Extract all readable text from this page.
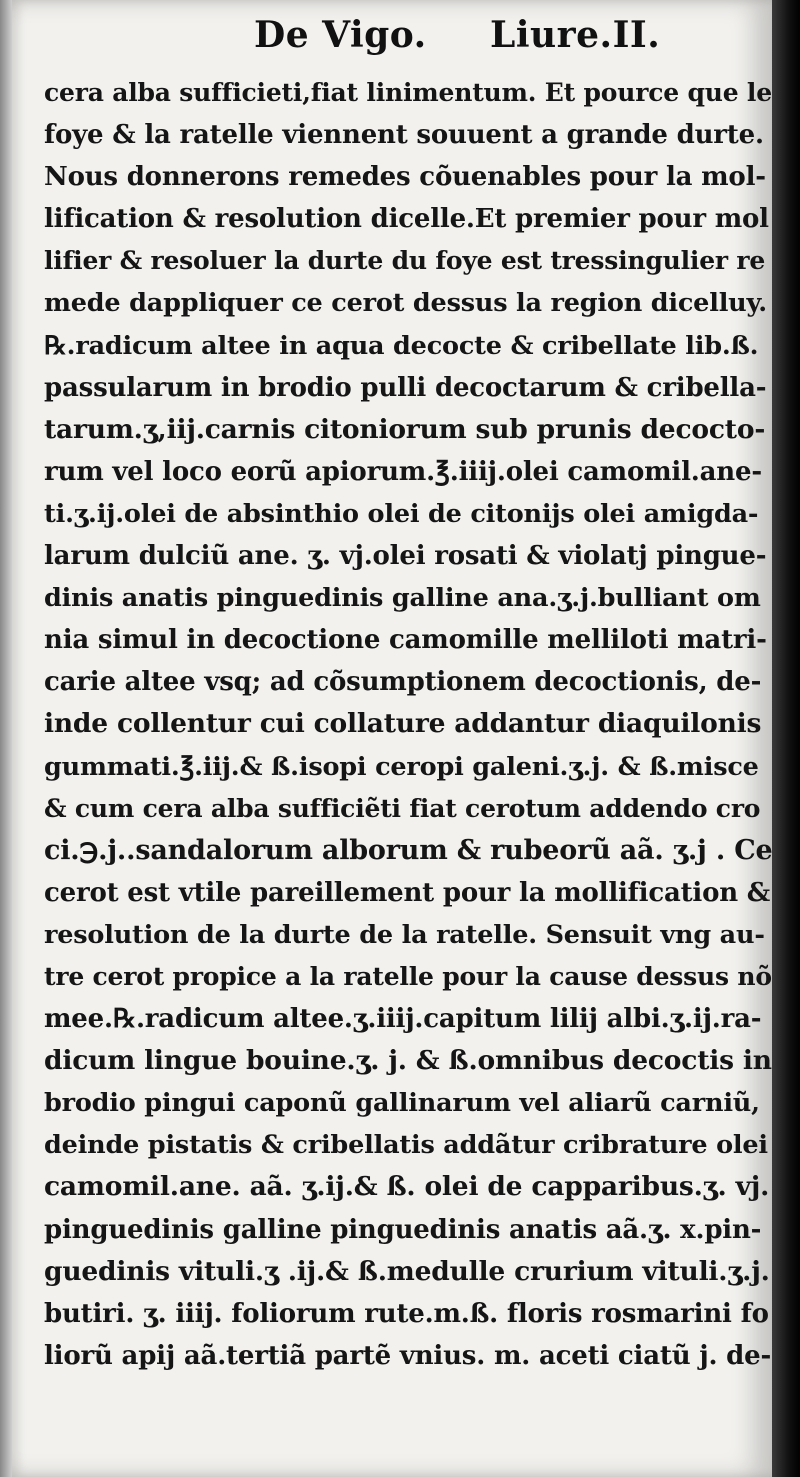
De Vigo. Liure.II.
cera alba sufficieti,fiat linimentum. Et pource que le
foye & la ratelle viennent souuent a grande durte.
Nous donnerons remedes cõuenables pour la mol-
lification & resolution dicelle.Et premier pour mol
lifier & resoluer la durte du foye est tressingulier re
mede dappliquer ce cerot dessus la region dicelluy.
℞.radicum altee in aqua decocte & cribellate lib.ß.
passularum in brodio pulli decoctarum & cribella-
tarum.ʒ,iij.carnis citoniorum sub prunis decocto-
rum vel loco eorũ apiorum.℥.iiij.olei camomil.ane-
ti.ʒ.ij.olei de absinthio olei de citonijs olei amigda-
larum dulciũ ane. ʒ. vj.olei rosati & violatj pingue-
dinis anatis pinguedinis galline ana.ʒ.j.bulliant om
nia simul in decoctione camomille melliloti matri-
carie altee vsq; ad cõsumptionem decoctionis, de-
inde collentur cui collature addantur diaquilonis
gummati.℥.iij.& ß.isopi ceropi galeni.ʒ.j. & ß.misce
& cum cera alba sufficiẽti fiat cerotum addendo cro
ci.℈.j..sandalorum alborum & rubeorũ aã. ʒ.j . Ce
cerot est vtile pareillement pour la mollification &
resolution de la durte de la ratelle. Sensuit vng au-
tre cerot propice a la ratelle pour la cause dessus nõ
mee.℞.radicum altee.ʒ.iiij.capitum lilij albi.ʒ.ij.ra-
dicum lingue bouine.ʒ. j. & ß.omnibus decoctis in
brodio pingui caponũ gallinarum vel aliarũ carniũ,
deinde pistatis & cribellatis addãtur cribrature olei
camomil.ane. aã. ʒ.ij.& ß. olei de capparibus.ʒ. vj.
pinguedinis galline pinguedinis anatis aã.ʒ. x.pin-
guedinis vituli.ʒ .ij.& ß.medulle crurium vituli.ʒ.j.
butiri. ʒ. iiij. foliorum rute.m.ß. floris rosmarini fo
liorũ apij aã.tertiã partẽ vnius. m. aceti ciatũ j. de-
